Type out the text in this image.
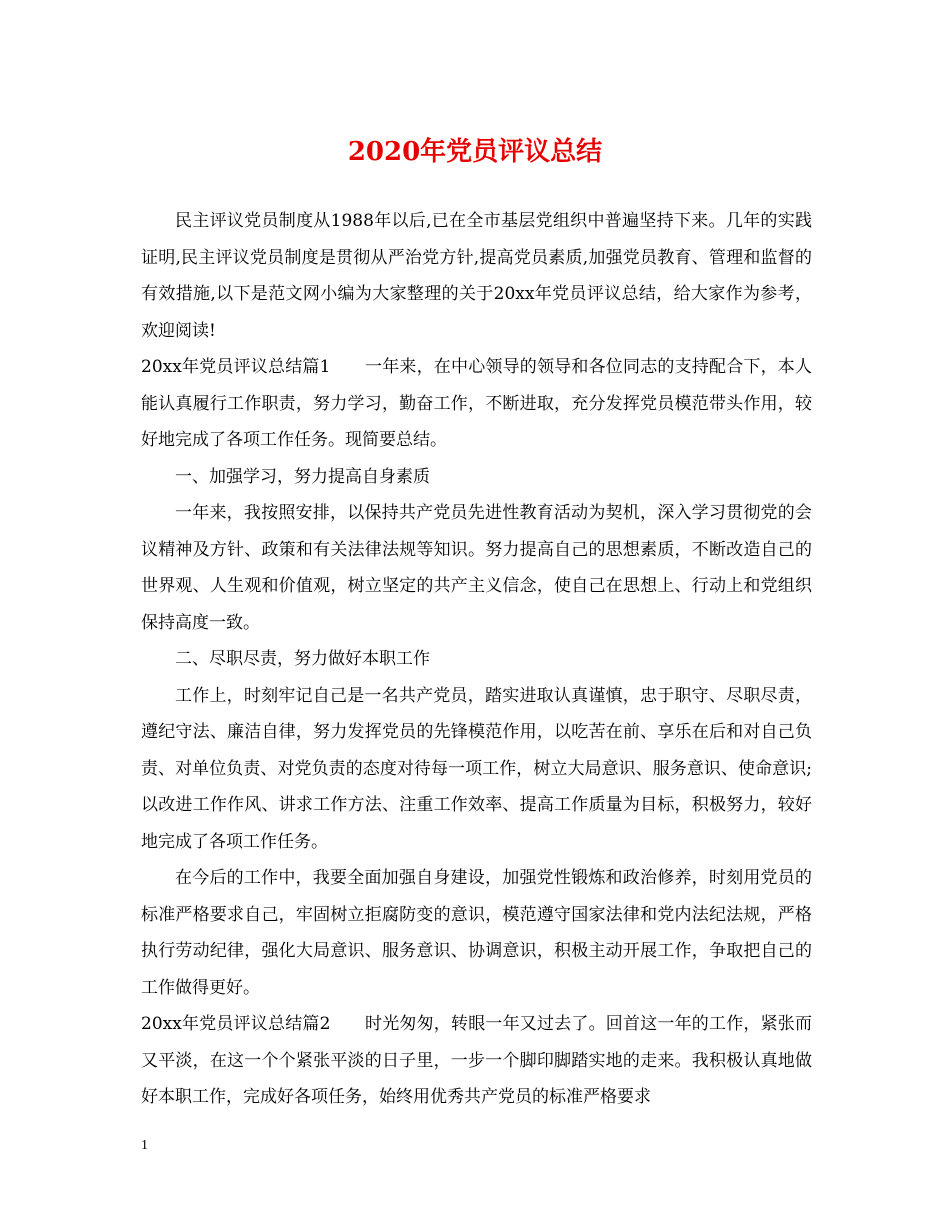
2020年党员评议总结

民主评议党员制度从1988年以后,已在全市基层党组织中普遍坚持下来。几年的实践证明,民主评议党员制度是贯彻从严治党方针,提高党员素质,加强党员教育、管理和监督的有效措施,以下是范文网小编为大家整理的关于20xx年党员评议总结，给大家作为参考，欢迎阅读!

20xx年党员评议总结篇1　　一年来，在中心领导的领导和各位同志的支持配合下，本人能认真履行工作职责，努力学习，勤奋工作，不断进取，充分发挥党员模范带头作用，较好地完成了各项工作任务。现简要总结。

一、加强学习，努力提高自身素质

一年来，我按照安排，以保持共产党员先进性教育活动为契机，深入学习贯彻党的会议精神及方针、政策和有关法律法规等知识。努力提高自己的思想素质，不断改造自己的世界观、人生观和价值观，树立坚定的共产主义信念，使自己在思想上、行动上和党组织保持高度一致。

二、尽职尽责，努力做好本职工作

工作上，时刻牢记自己是一名共产党员，踏实进取认真谨慎，忠于职守、尽职尽责，遵纪守法、廉洁自律，努力发挥党员的先锋模范作用，以吃苦在前、享乐在后和对自己负责、对单位负责、对党负责的态度对待每一项工作，树立大局意识、服务意识、使命意识;以改进工作作风、讲求工作方法、注重工作效率、提高工作质量为目标，积极努力，较好地完成了各项工作任务。

在今后的工作中，我要全面加强自身建设，加强党性锻炼和政治修养，时刻用党员的标准严格要求自己，牢固树立拒腐防变的意识，模范遵守国家法律和党内法纪法规，严格执行劳动纪律，强化大局意识、服务意识、协调意识，积极主动开展工作，争取把自己的工作做得更好。

20xx年党员评议总结篇2　　时光匆匆，转眼一年又过去了。回首这一年的工作，紧张而又平淡，在这一个个紧张平淡的日子里，一步一个脚印脚踏实地的走来。我积极认真地做好本职工作，完成好各项任务，始终用优秀共产党员的标准严格要求

1
